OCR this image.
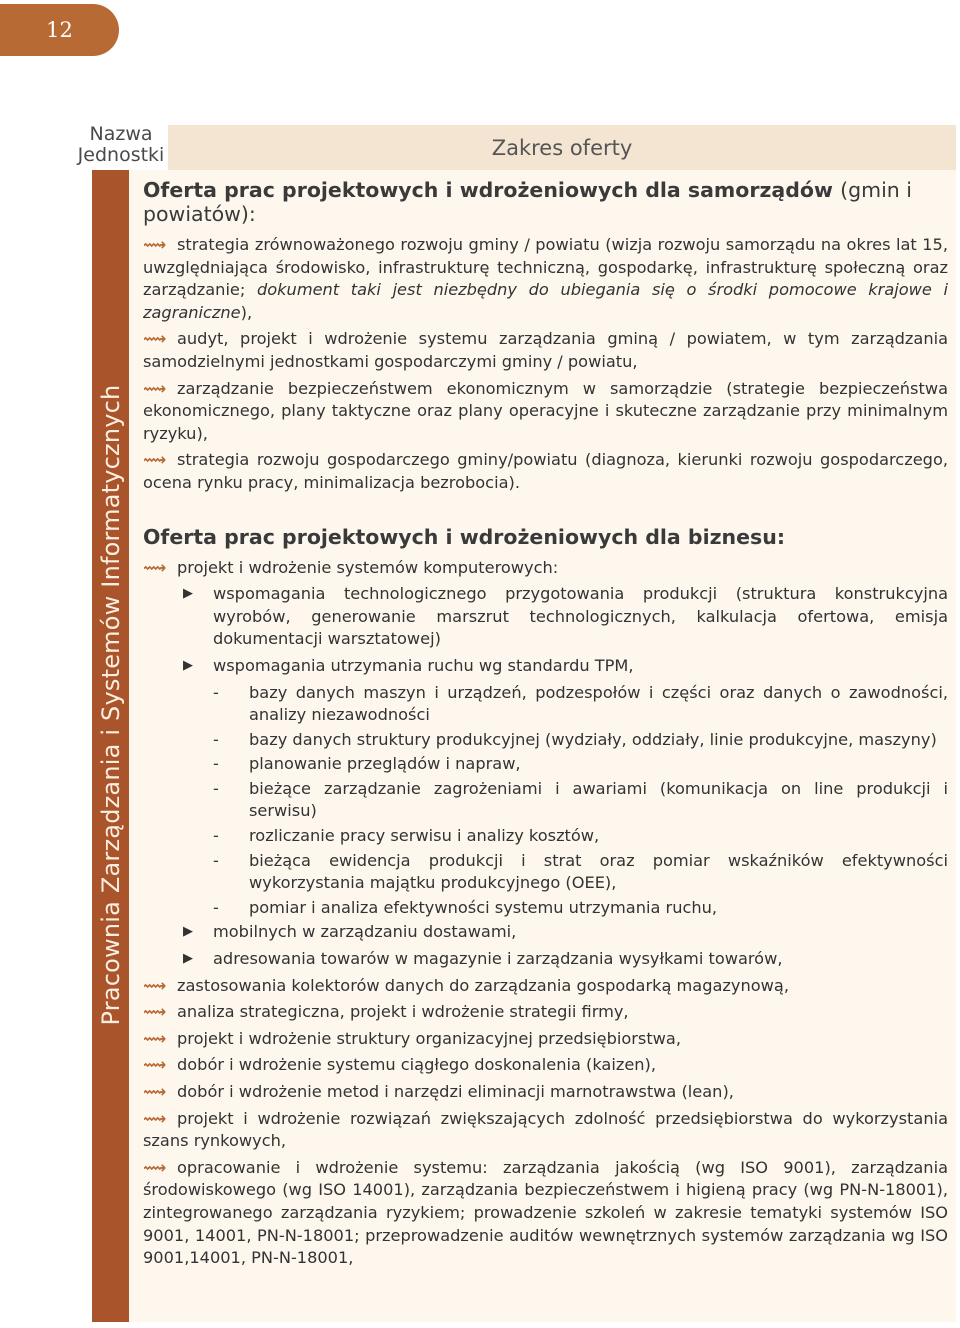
12
Nazwa
Jednostki	Zakres oferty
Pracownia Zarządzania i Systemów Informatycznych
Oferta prac projektowych i wdrożeniowych dla samorządów (gmin i powiatów):
⟿ strategia zrównoważonego rozwoju gminy / powiatu (wizja rozwoju samorządu na okres lat 15, uwzględniająca środowisko, infrastrukturę techniczną, gospodarkę, infrastrukturę społeczną oraz zarządzanie; dokument taki jest niezbędny do ubiegania się o środki pomocowe krajowe i zagraniczne),
⟿ audyt, projekt i wdrożenie systemu zarządzania gminą / powiatem, w tym zarządzania samodzielnymi jednostkami gospodarczymi gminy / powiatu,
⟿ zarządzanie bezpieczeństwem ekonomicznym w samorządzie (strategie bezpieczeństwa ekonomicznego, plany taktyczne oraz plany operacyjne i skuteczne zarządzanie przy minimalnym ryzyku),
⟿ strategia rozwoju gospodarczego gminy/powiatu (diagnoza, kierunki rozwoju gospodarczego, ocena rynku pracy, minimalizacja bezrobocia).
Oferta prac projektowych i wdrożeniowych dla biznesu:
⟿ projekt i wdrożenie systemów komputerowych:
▶ wspomagania technologicznego przygotowania produkcji (struktura konstrukcyjna wyrobów, generowanie marszrut technologicznych, kalkulacja ofertowa, emisja dokumentacji warsztatowej)
▶ wspomagania utrzymania ruchu wg standardu TPM,
- bazy danych maszyn i urządzeń, podzespołów i części oraz danych o zawodności, analizy niezawodności
- bazy danych struktury produkcyjnej (wydziały, oddziały, linie produkcyjne, maszyny)
- planowanie przeglądów i napraw,
- bieżące zarządzanie zagrożeniami i awariami (komunikacja on line produkcji i serwisu)
- rozliczanie pracy serwisu i analizy kosztów,
- bieżąca ewidencja produkcji i strat oraz pomiar wskaźników efektywności wykorzystania majątku produkcyjnego (OEE),
- pomiar i analiza efektywności systemu utrzymania ruchu,
▶ mobilnych w zarządzaniu dostawami,
▶ adresowania towarów w magazynie i zarządzania wysyłkami towarów,
⟿ zastosowania kolektorów danych do zarządzania gospodarką magazynową,
⟿ analiza strategiczna, projekt i wdrożenie strategii firmy,
⟿ projekt i wdrożenie struktury organizacyjnej przedsiębiorstwa,
⟿ dobór i wdrożenie systemu ciągłego doskonalenia (kaizen),
⟿ dobór i wdrożenie metod i narzędzi eliminacji marnotrawstwa (lean),
⟿ projekt i wdrożenie rozwiązań zwiększających zdolność przedsiębiorstwa do wykorzystania szans rynkowych,
⟿ opracowanie i wdrożenie systemu: zarządzania jakością (wg ISO 9001), zarządzania środowiskowego (wg ISO 14001), zarządzania bezpieczeństwem i higieną pracy (wg PN-N-18001), zintegrowanego zarządzania ryzykiem; prowadzenie szkoleń w zakresie tematyki systemów ISO 9001, 14001, PN-N-18001; przeprowadzenie auditów wewnętrznych systemów zarządzania wg ISO 9001,14001, PN-N-18001,
